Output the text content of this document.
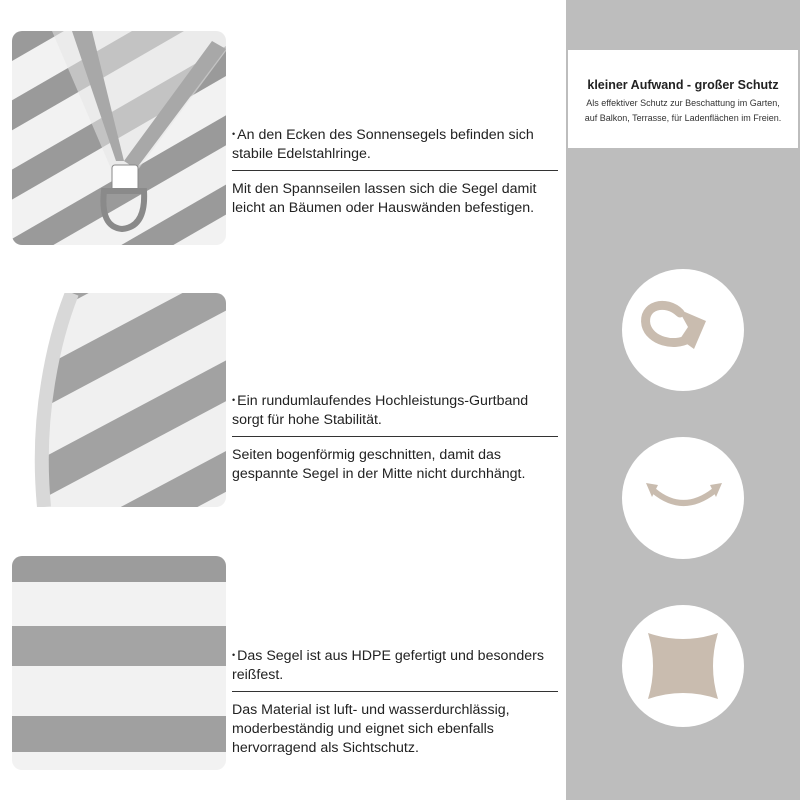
kleiner Aufwand - großer Schutz
Als effektiver Schutz zur Beschattung im Garten,
auf Balkon, Terrasse, für Ladenflächen im Freien.

• An den Ecken des Sonnensegels befinden sich stabile Edelstahlringe.

Mit den Spannseilen lassen sich die Segel damit leicht an Bäumen oder Hauswänden befestigen.

• Ein rundumlaufendes Hochleistungs-Gurtband sorgt für hohe Stabilität.

Seiten bogenförmig geschnitten, damit das gespannte Segel in der Mitte nicht durchhängt.

• Das Segel ist aus HDPE gefertigt und besonders reißfest.

Das Material ist luft- und wasserdurchlässig, moderbeständig und eignet sich ebenfalls hervorragend als Sichtschutz.
